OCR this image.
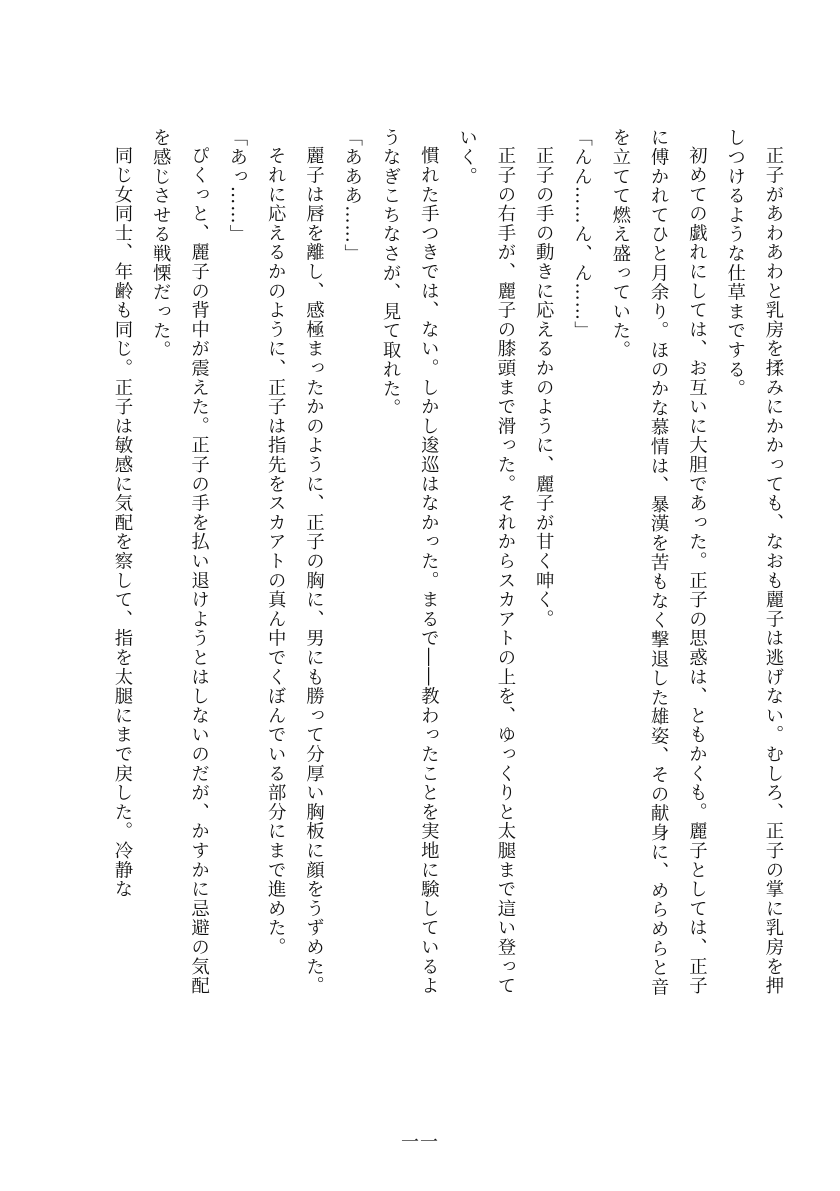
正子があわあわと乳房を揉みにかかっても、なおも麗子は逃げない。むしろ、正子の掌に乳房を押しつけるような仕草までする。

初めての戯れにしては、お互いに大胆であった。正子の思惑は、ともかくも。麗子としては、正子に傅かれてひと月余り。ほのかな慕情は、暴漢を苦もなく撃退した雄姿、その献身に、めらめらと音を立てて燃え盛っていた。

「んん……ん、ん……」

正子の手の動きに応えるかのように、麗子が甘く呻く。

正子の右手が、麗子の膝頭まで滑った。それからスカアトの上を、ゆっくりと太腿まで這い登っていく。

慣れた手つきでは、ない。しかし逡巡はなかった。まるで――教わったことを実地に験しているようなぎこちなさが、見て取れた。

「あああ……」

麗子は唇を離し、感極まったかのように、正子の胸に、男にも勝って分厚い胸板に顔をうずめた。

それに応えるかのように、正子は指先をスカアトの真ん中でくぼんでいる部分にまで進めた。

「あっ……」

ぴくっと、麗子の背中が震えた。正子の手を払い退けようとはしないのだが、かすかに忌避の気配を感じさせる戦慄だった。

同じ女同士、年齢も同じ。正子は敏感に気配を察して、指を太腿にまで戻した。冷静な

一一
